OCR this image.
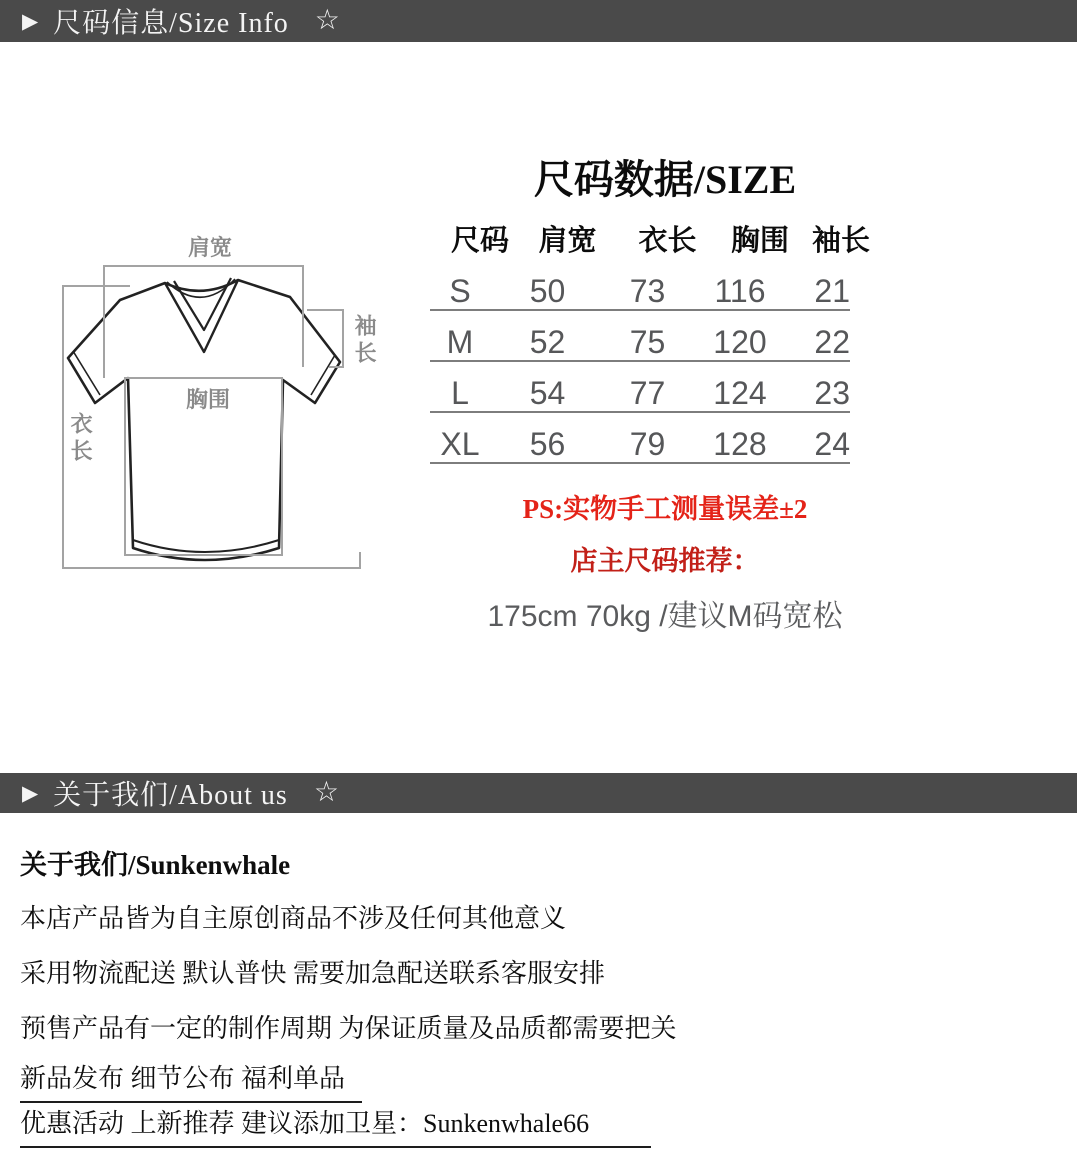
▶ 尺码信息/Size Info ☆
肩宽
胸围
袖长
衣长
尺码数据/SIZE
尺码	肩宽	衣长	胸围 袖长
S	50	73	116	21
M	52	75	120	22
L	54	77	124	23
XL	56	79	128	24
PS:实物手工测量误差±2
店主尺码推荐：
175cm 70kg /建议M码宽松
▶ 关于我们/About us ☆
关于我们/Sunkenwhale
本店产品皆为自主原创商品不涉及任何其他意义
采用物流配送 默认普快 需要加急配送联系客服安排
预售产品有一定的制作周期 为保证质量及品质都需要把关
新品发布 细节公布 福利单品
优惠活动 上新推荐 建议添加卫星：Sunkenwhale66
